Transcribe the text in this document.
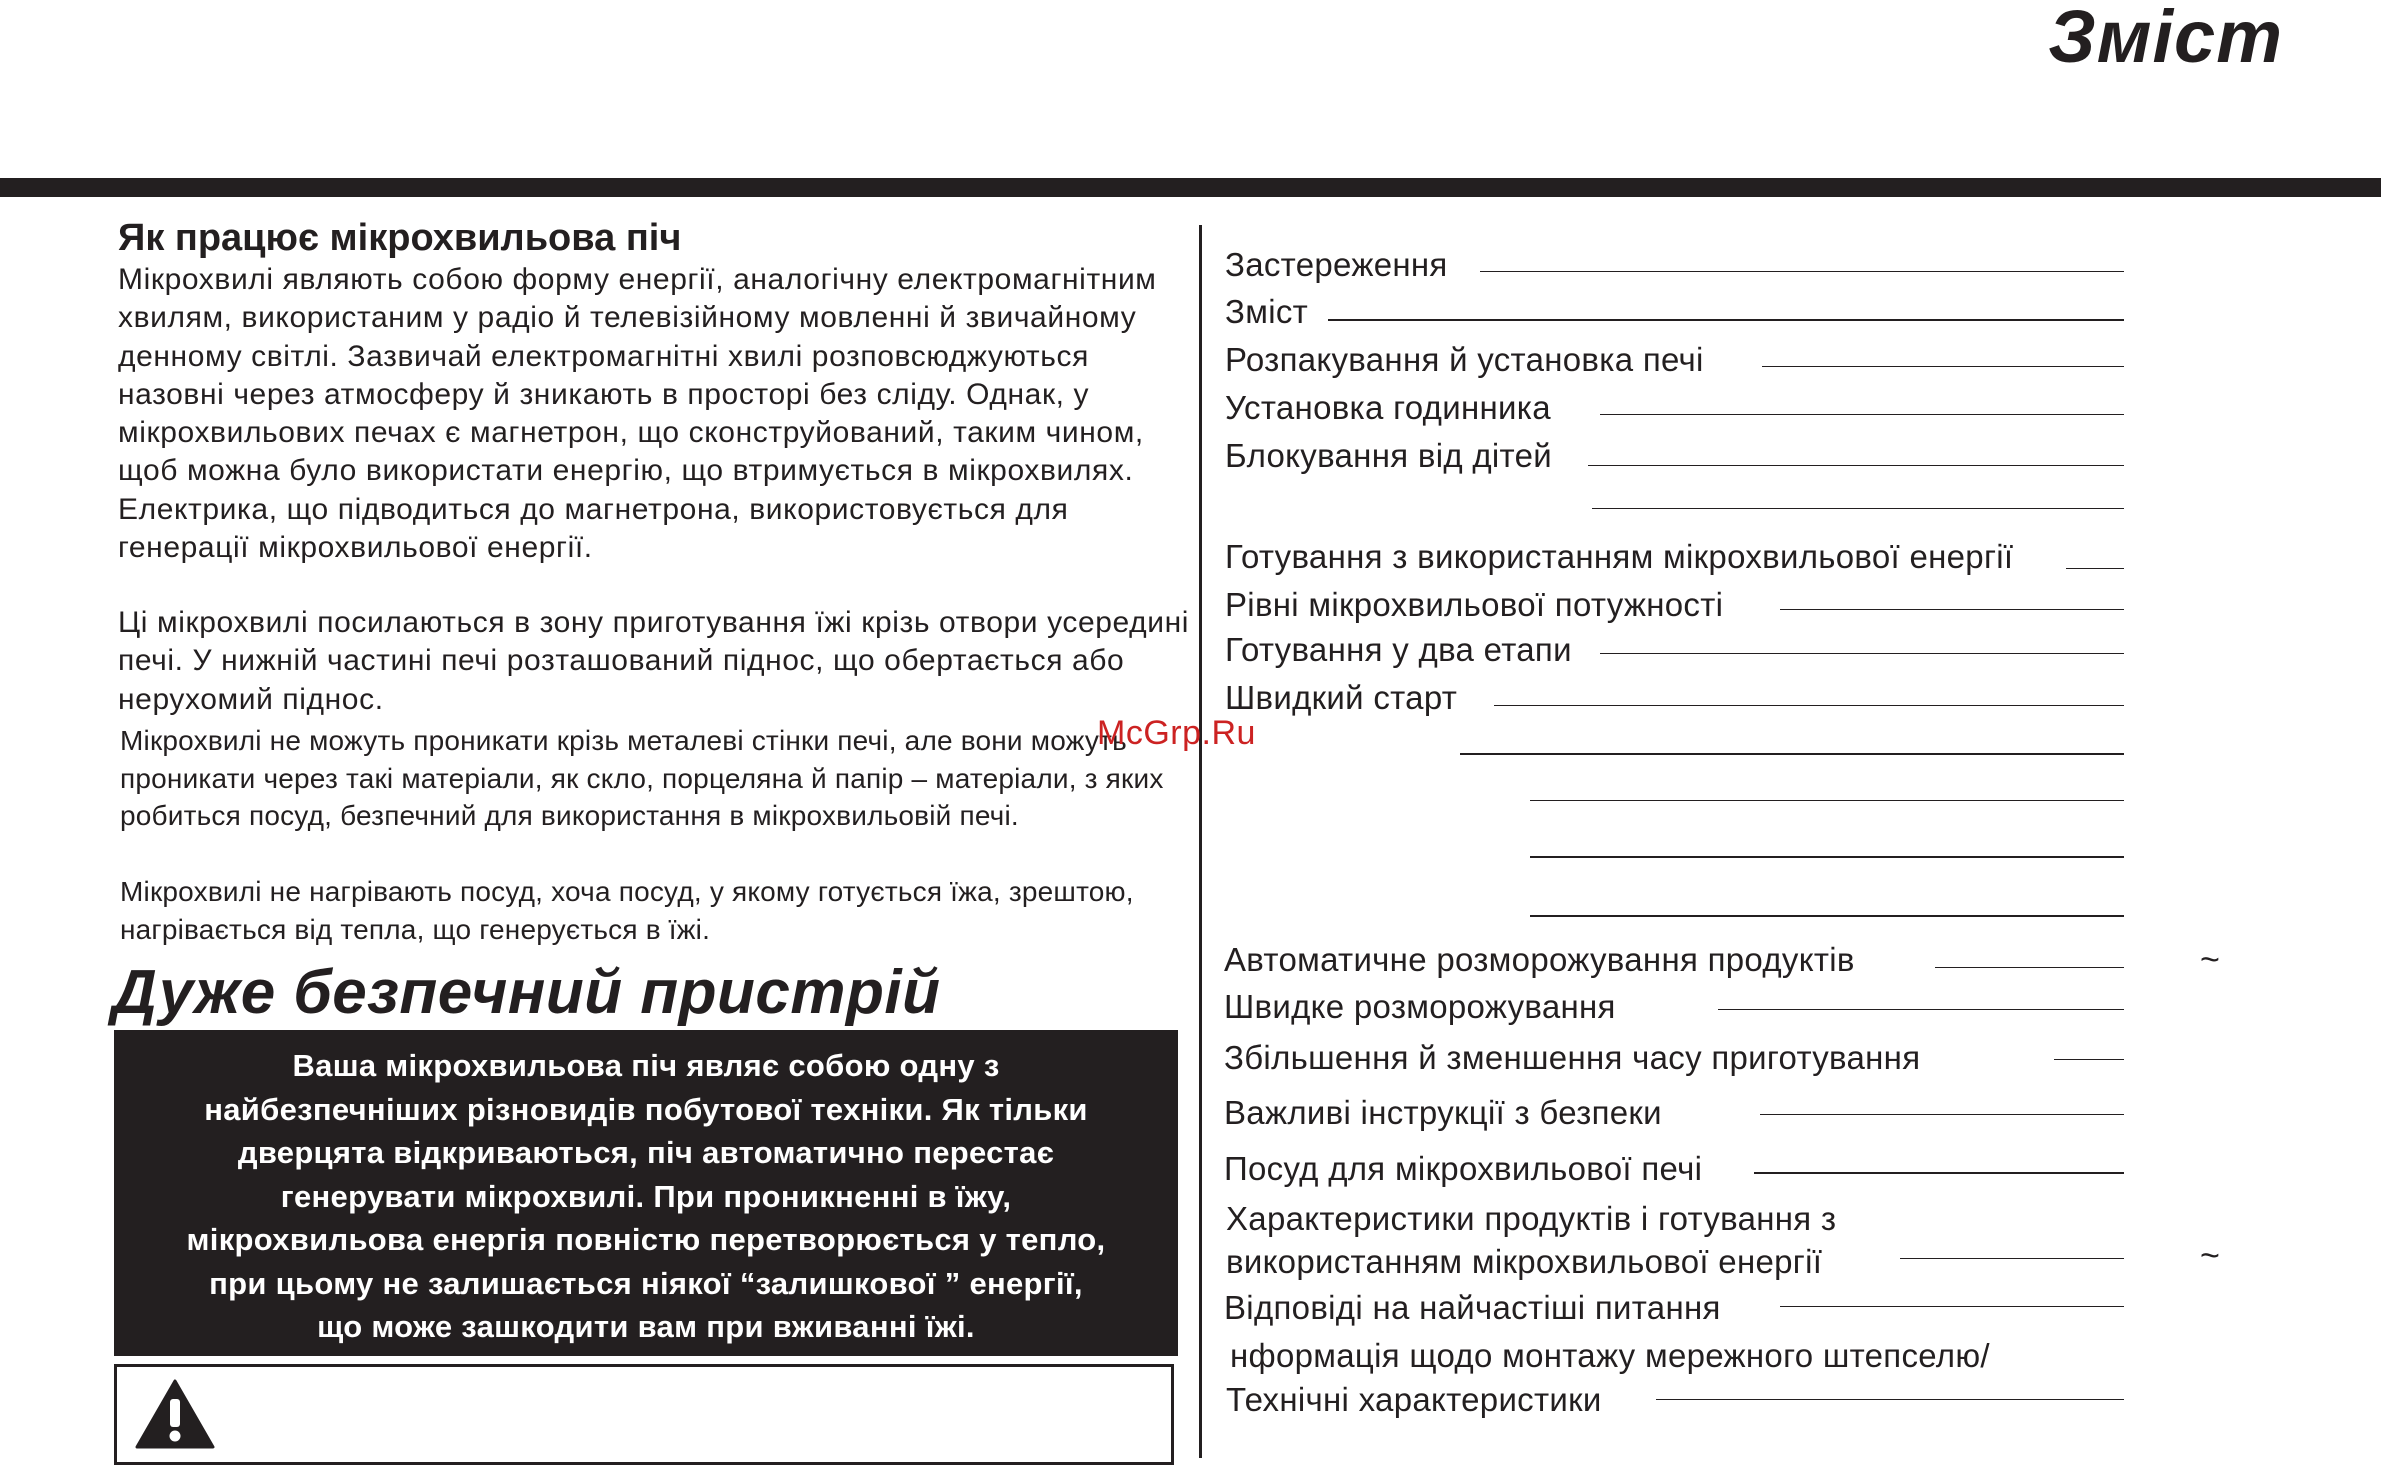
Зміст
Як працює мікрохвильова піч
Мікрохвилі являють собою форму енергії, аналогічну електромагнітним хвилям, використаним у радіо й телевізійному мовленні й звичайному денному світлі. Зазвичай електромагнітні хвилі розповсюджуються назовні через атмосферу й зникають в просторі без сліду. Однак, у мікрохвильових печах є магнетрон, що сконструйований, таким чином, щоб можна було використати енергію, що втримується в мікрохвилях. Електрика, що підводиться до магнетрона, використовується для генерації мікрохвильової енергії.
Ці мікрохвилі посилаються в зону приготування їжі крізь отвори усередині печі. У нижній частині печі розташований піднос, що обертається або нерухомий піднос.
Мікрохвилі не можуть проникати крізь металеві стінки печі, але вони можуть проникати через такі матеріали, як скло, порцеляна й папір – матеріали, з яких робиться посуд, безпечний для використання в мікрохвильовій печі.
Мікрохвилі не нагрівають посуд, хоча посуд, у якому готується їжа, зрештою, нагрівається від тепла, що генерується в їжі.
Дуже безпечний пристрій
Ваша мікрохвильова піч являє собою одну з
найбезпечніших різновидів побутової техніки. Як тільки
дверцята відкриваються, піч автоматично перестає
генерувати мікрохвилі. При проникненні в їжу,
мікрохвильова енергія повністю перетворюється у тепло,
при цьому не залишається ніякої “залишкової ” енергії,
що може зашкодити вам при вживанні їжі.
Застереження
Зміст
Розпакування й установка печі
Установка годинника
Блокування від дітей
Готування з використанням мікрохвильової енергії
Рівні мікрохвильової потужності
Готування у два етапи
Швидкий старт
Автоматичне розморожування продуктів	~
Швидке розморожування
Збільшення й зменшення часу приготування
Важливі інструкції з безпеки
Посуд для мікрохвильової печі
Характеристики продуктів і готування з
використанням мікрохвильової енергії	~
Відповіді на найчастіші питання
нформація щодо монтажу мережного штепселю/
Технічні характеристики
McGrp.Ru
